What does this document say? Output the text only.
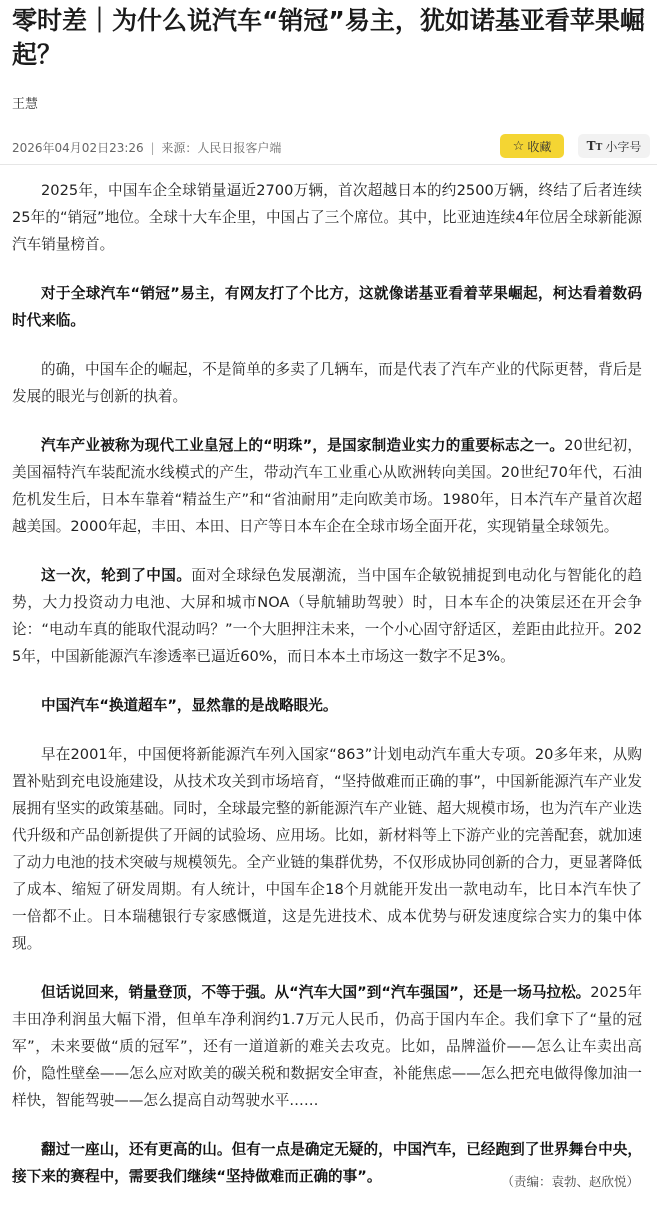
零时差｜为什么说汽车“销冠”易主，犹如诺基亚看苹果崛起？
王慧
2026年04月02日23:26 | 来源：人民日报客户端	☆ 收藏	TT 小字号

2025年，中国车企全球销量逼近2700万辆，首次超越日本的约2500万辆，终结了后者连续25年的“销冠”地位。全球十大车企里，中国占了三个席位。其中，比亚迪连续4年位居全球新能源汽车销量榜首。

对于全球汽车“销冠”易主，有网友打了个比方，这就像诺基亚看着苹果崛起，柯达看着数码时代来临。

的确，中国车企的崛起，不是简单的多卖了几辆车，而是代表了汽车产业的代际更替，背后是发展的眼光与创新的执着。

汽车产业被称为现代工业皇冠上的“明珠”，是国家制造业实力的重要标志之一。20世纪初，美国福特汽车装配流水线模式的产生，带动汽车工业重心从欧洲转向美国。20世纪70年代，石油危机发生后，日本车靠着“精益生产”和“省油耐用”走向欧美市场。1980年，日本汽车产量首次超越美国。2000年起，丰田、本田、日产等日本车企在全球市场全面开花，实现销量全球领先。

这一次，轮到了中国。面对全球绿色发展潮流，当中国车企敏锐捕捉到电动化与智能化的趋势，大力投资动力电池、大屏和城市NOA（导航辅助驾驶）时，日本车企的决策层还在开会争论：“电动车真的能取代混动吗？”一个大胆押注未来，一个小心固守舒适区，差距由此拉开。2025年，中国新能源汽车渗透率已逼近60%，而日本本土市场这一数字不足3%。

中国汽车“换道超车”，显然靠的是战略眼光。

早在2001年，中国便将新能源汽车列入国家“863”计划电动汽车重大专项。20多年来，从购置补贴到充电设施建设，从技术攻关到市场培育，“坚持做难而正确的事”，中国新能源汽车产业发展拥有坚实的政策基础。同时，全球最完整的新能源汽车产业链、超大规模市场，也为汽车产业迭代升级和产品创新提供了开阔的试验场、应用场。比如，新材料等上下游产业的完善配套，就加速了动力电池的技术突破与规模领先。全产业链的集群优势，不仅形成协同创新的合力，更显著降低了成本、缩短了研发周期。有人统计，中国车企18个月就能开发出一款电动车，比日本汽车快了一倍都不止。日本瑞穗银行专家感慨道，这是先进技术、成本优势与研发速度综合实力的集中体现。

但话说回来，销量登顶，不等于强。从“汽车大国”到“汽车强国”，还是一场马拉松。2025年丰田净利润虽大幅下滑，但单车净利润约1.7万元人民币，仍高于国内车企。我们拿下了“量的冠军”，未来要做“质的冠军”，还有一道道新的难关去攻克。比如，品牌溢价——怎么让车卖出高价，隐性壁垒——怎么应对欧美的碳关税和数据安全审查，补能焦虑——怎么把充电做得像加油一样快，智能驾驶——怎么提高自动驾驶水平……

翻过一座山，还有更高的山。但有一点是确定无疑的，中国汽车，已经跑到了世界舞台中央，接下来的赛程中，需要我们继续“坚持做难而正确的事”。	（责编：袁勃、赵欣悦）
